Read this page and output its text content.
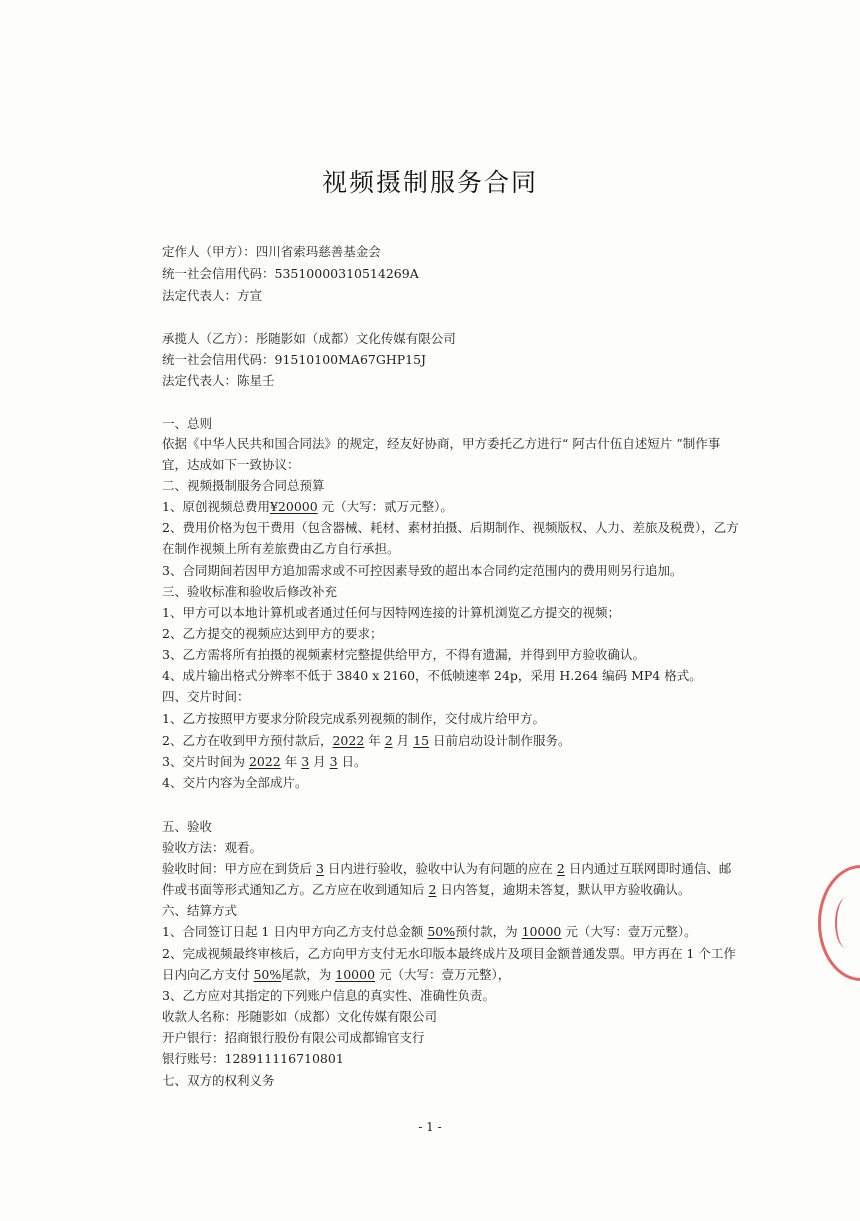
视频摄制服务合同
定作人（甲方）：四川省索玛慈善基金会
统一社会信用代码：53510000310514269A
法定代表人：方宣
承揽人（乙方）：彤随影如（成都）文化传媒有限公司
统一社会信用代码：91510100MA67GHP15J
法定代表人：陈星壬
一、总则
依据《中华人民共和国合同法》的规定，经友好协商，甲方委托乙方进行“ 阿古什伍自述短片 ”制作事
宜，达成如下一致协议：
二、视频摄制服务合同总预算
1、原创视频总费用¥20000 元（大写：贰万元整）。
2、费用价格为包干费用（包含器械、耗材、素材拍摄、后期制作、视频版权、人力、差旅及税费），乙方
在制作视频上所有差旅费由乙方自行承担。
3、合同期间若因甲方追加需求或不可控因素导致的超出本合同约定范围内的费用则另行追加。
三、验收标准和验收后修改补充
1、甲方可以本地计算机或者通过任何与因特网连接的计算机浏览乙方提交的视频；
2、乙方提交的视频应达到甲方的要求；
3、乙方需将所有拍摄的视频素材完整提供给甲方，不得有遗漏，并得到甲方验收确认。
4、成片输出格式分辨率不低于 3840 x 2160，不低帧速率 24p，采用 H.264 编码 MP4 格式。
四、交片时间：
1、乙方按照甲方要求分阶段完成系列视频的制作，交付成片给甲方。
2、乙方在收到甲方预付款后，2022 年 2 月 15 日前启动设计制作服务。
3、交片时间为 2022 年 3 月 3 日。
4、交片内容为全部成片。
五、验收
验收方法：观看。
验收时间：甲方应在到货后 3 日内进行验收，验收中认为有问题的应在 2 日内通过互联网即时通信、邮
件或书面等形式通知乙方。乙方应在收到通知后 2 日内答复，逾期未答复，默认甲方验收确认。
六、结算方式
1、合同签订日起 1 日内甲方向乙方支付总金额 50%预付款，为 10000 元（大写：壹万元整）。
2、完成视频最终审核后，乙方向甲方支付无水印版本最终成片及项目金额普通发票。甲方再在 1 个工作
日内向乙方支付 50%尾款，为 10000 元（大写：壹万元整），
3、乙方应对其指定的下列账户信息的真实性、准确性负责。
收款人名称：彤随影如（成都）文化传媒有限公司
开户银行：招商银行股份有限公司成都锦官支行
银行账号：128911116710801
七、双方的权利义务
- 1 -
